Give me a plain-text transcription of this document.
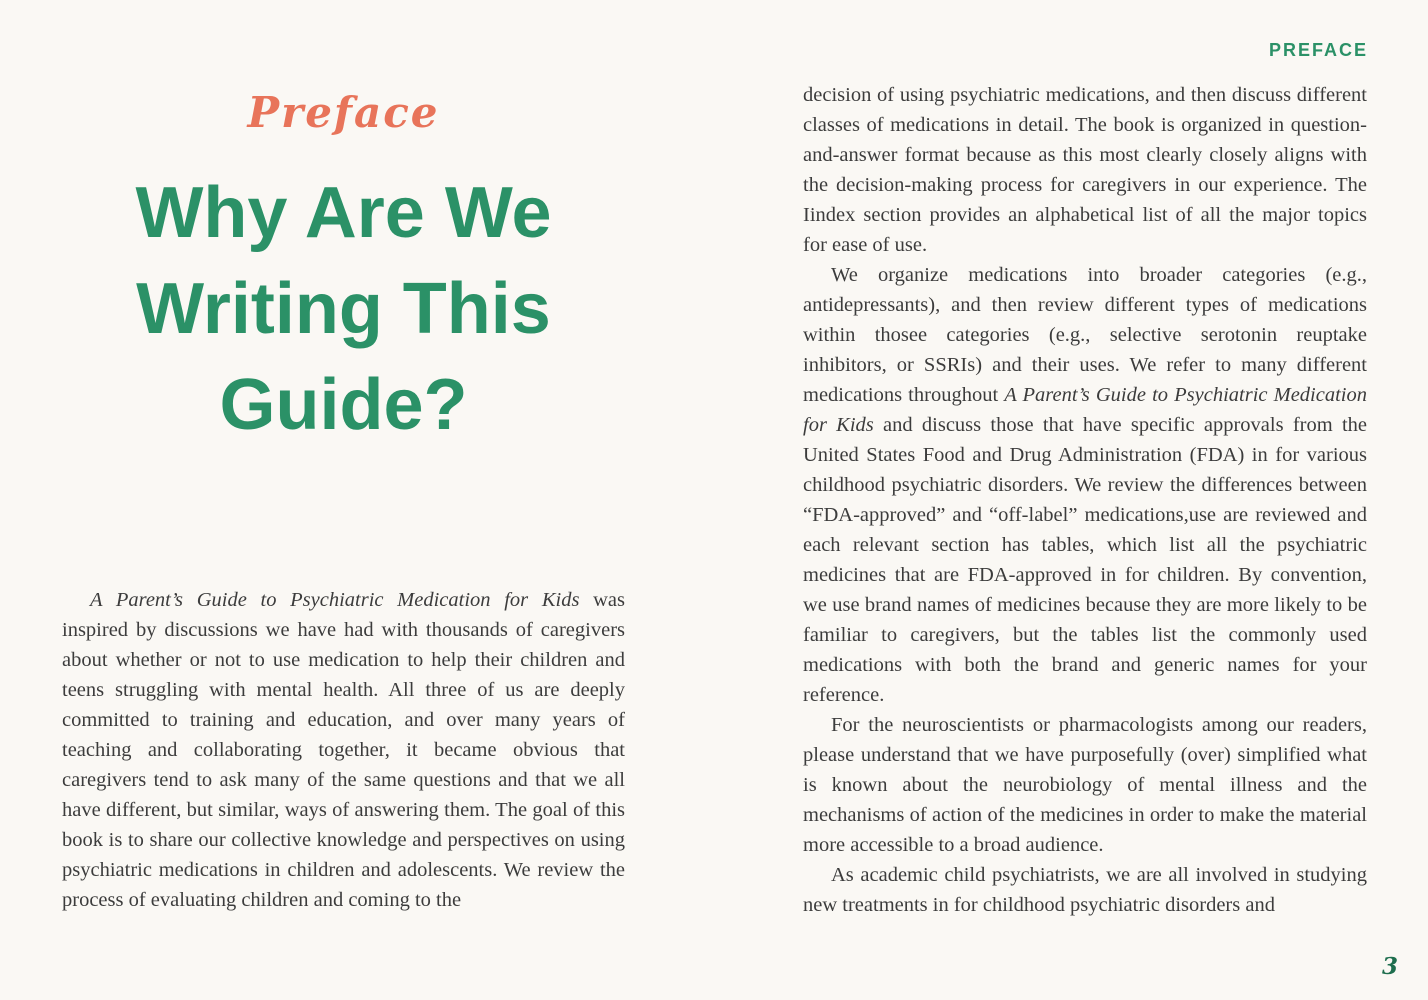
PREFACE
Preface
Why Are We
Writing This
Guide?

A Parent’s Guide to Psychiatric Medication for Kids was inspired by discussions we have had with thousands of caregivers about whether or not to use medication to help their children and teens struggling with mental health. All three of us are deeply committed to training and education, and over many years of teaching and collaborating together, it became obvious that caregivers tend to ask many of the same questions and that we all have different, but similar, ways of answering them. The goal of this book is to share our collective knowledge and perspectives on using psychiatric medications in children and adolescents. We review the process of evaluating children and coming to the

decision of using psychiatric medications, and then discuss different classes of medications in detail. The book is organized in question-and-answer format because as this most clearly closely aligns with the decision-making process for caregivers in our experience. The Iindex section provides an alphabetical list of all the major topics for ease of use.

We organize medications into broader categories (e.g., antidepressants), and then review different types of medications within thosee categories (e.g., selective serotonin reuptake inhibitors, or SSRIs) and their uses. We refer to many different medications throughout A Parent’s Guide to Psychiatric Medication for Kids and discuss those that have specific approvals from the United States Food and Drug Administration (FDA) in for various childhood psychiatric disorders. We review the differences between “FDA-approved” and “off-label” medications,use are reviewed and each relevant section has tables, which list all the psychiatric medicines that are FDA-approved in for children. By convention, we use brand names of medicines because they are more likely to be familiar to caregivers, but the tables list the commonly used medications with both the brand and generic names for your reference.

For the neuroscientists or pharmacologists among our readers, please understand that we have purposefully (over) simplified what is known about the neurobiology of mental illness and the mechanisms of action of the medicines in order to make the material more accessible to a broad audience.

As academic child psychiatrists, we are all involved in studying new treatments in for childhood psychiatric disorders and

3
